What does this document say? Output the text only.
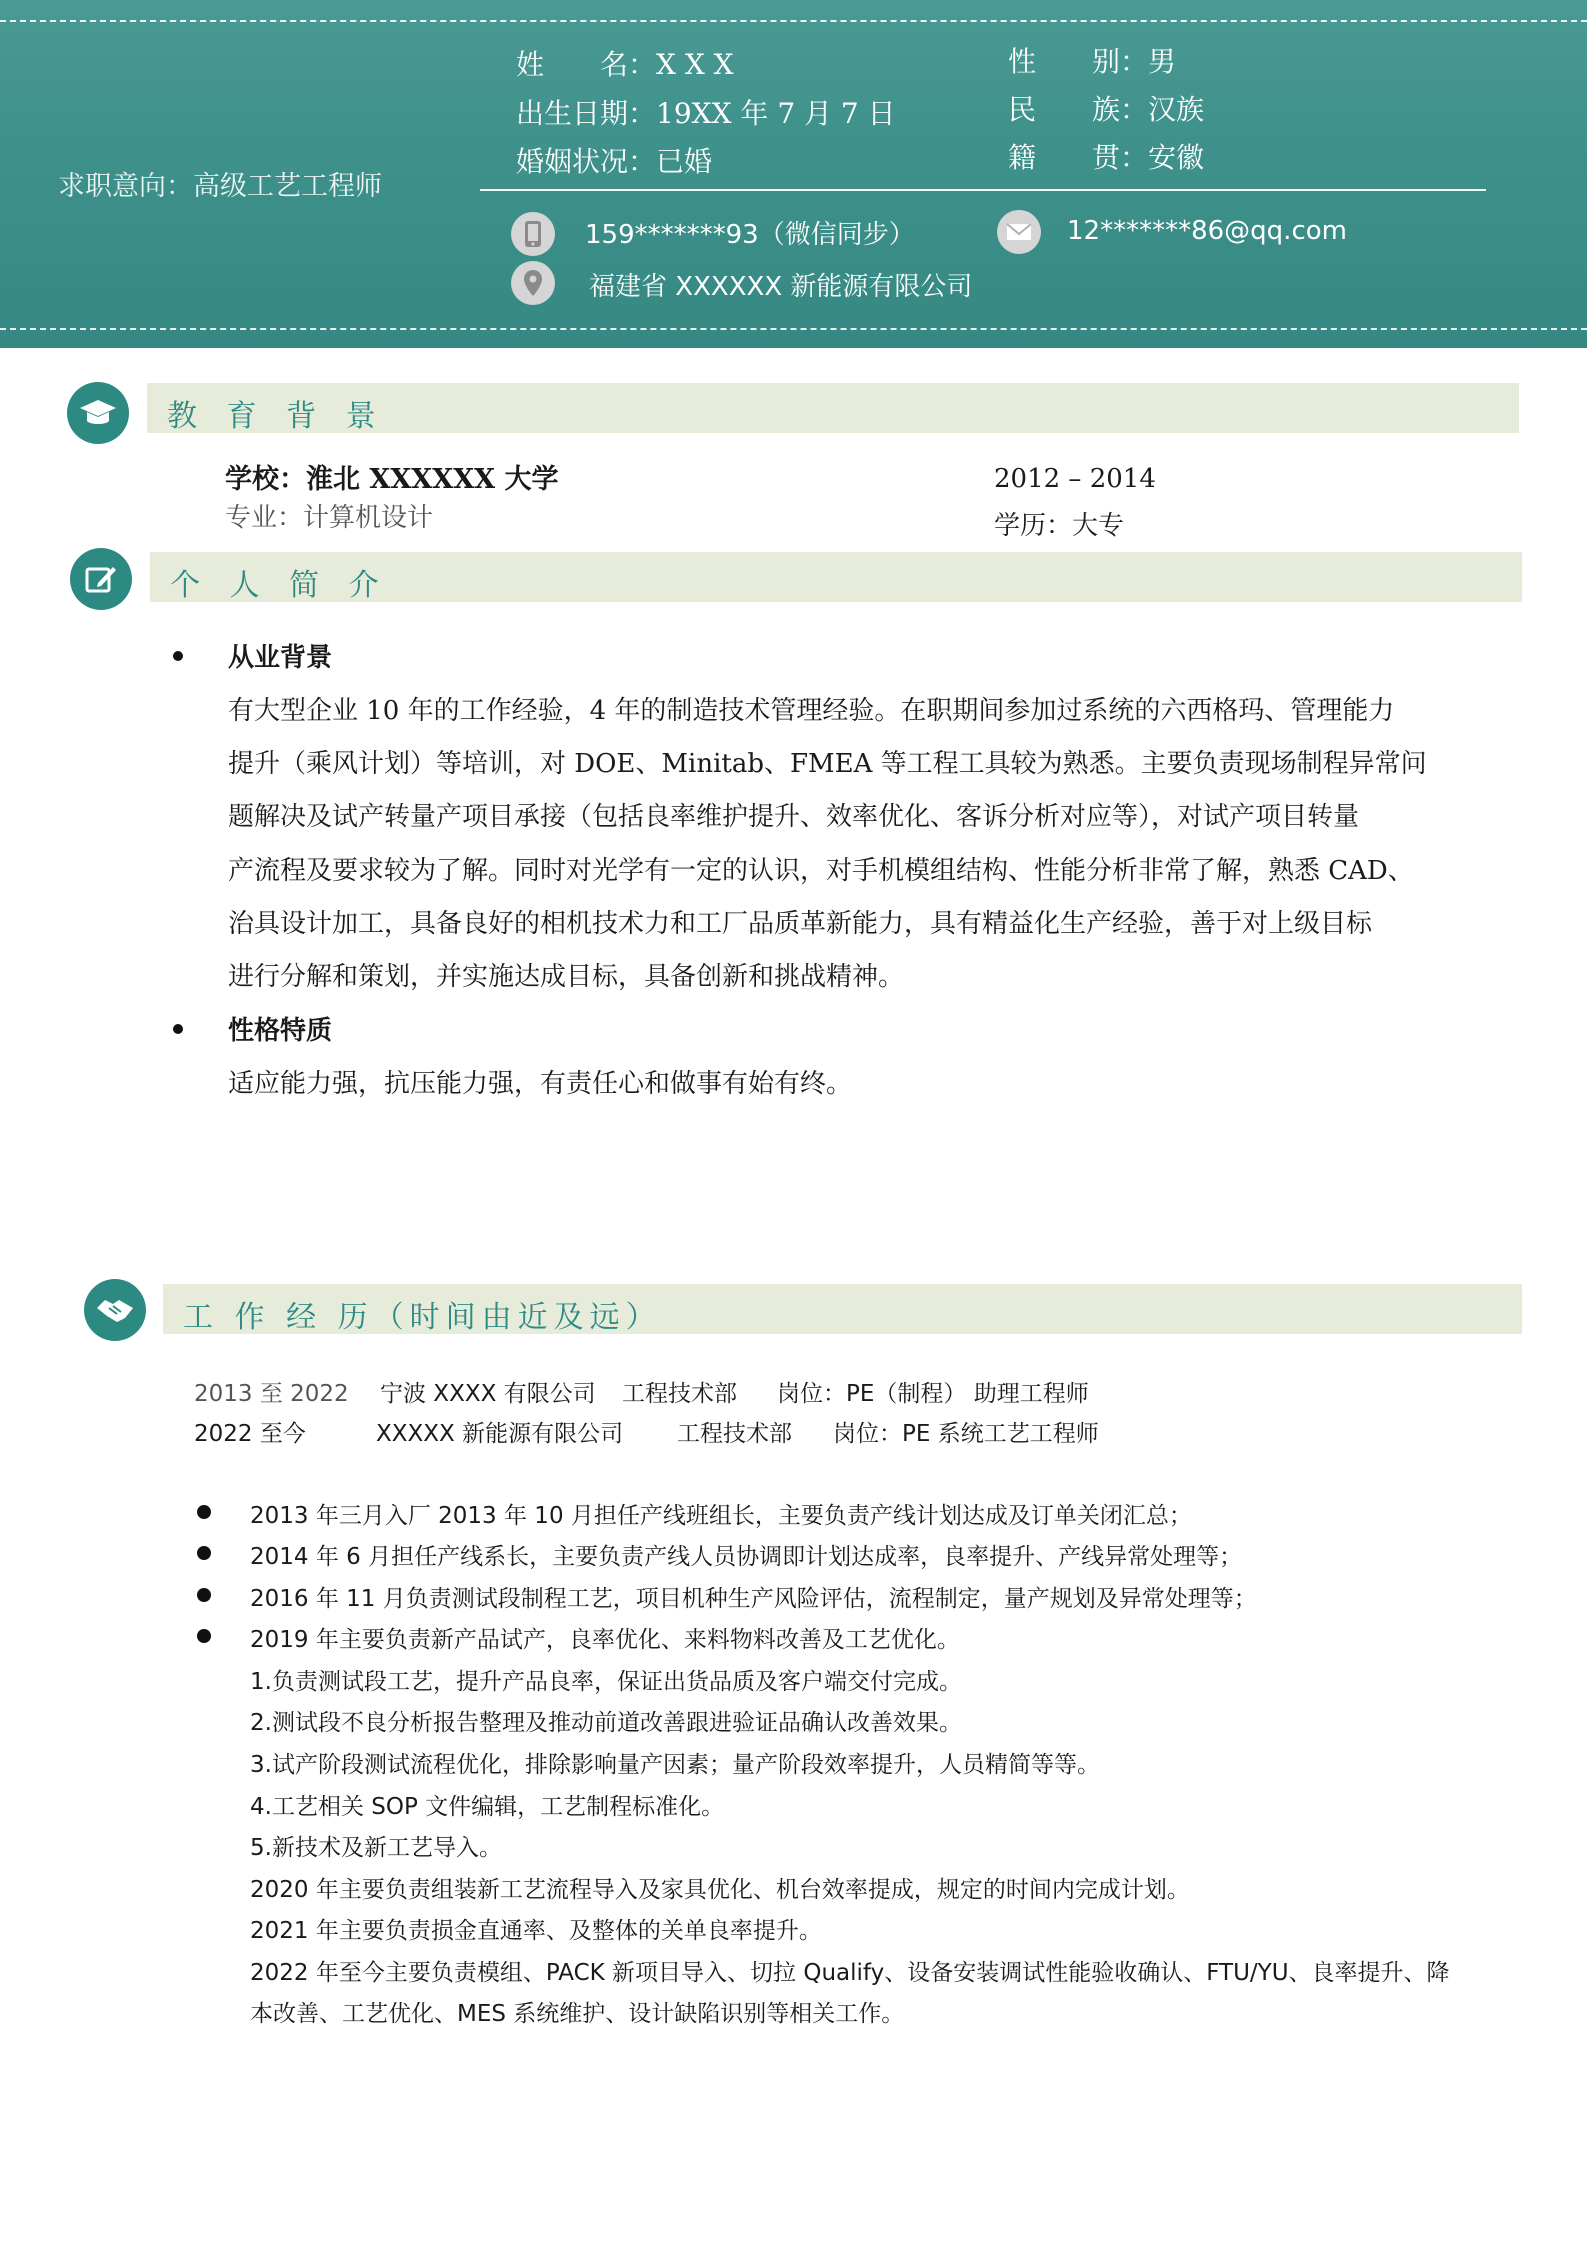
求职意向：高级工艺工程师
姓　　名：X X X
出生日期：19XX 年 7 月 7 日
婚姻状况：已婚
性　　别：男
民　　族：汉族
籍　　贯：安徽
159*******93（微信同步）	12*******86@qq.com
福建省 XXXXXX 新能源有限公司
教 育 背 景
学校：淮北 XXXXXX 大学
专业：计算机设计
2012 – 2014
学历：大专
个 人 简 介
从业背景
有大型企业 10 年的工作经验，4 年的制造技术管理经验。在职期间参加过系统的六西格玛、管理能力
提升（乘风计划）等培训，对 DOE、Minitab、FMEA 等工程工具较为熟悉。主要负责现场制程异常问
题解决及试产转量产项目承接（包括良率维护提升、效率优化、客诉分析对应等），对试产项目转量
产流程及要求较为了解。同时对光学有一定的认识，对手机模组结构、性能分析非常了解，熟悉 CAD、
治具设计加工，具备良好的相机技术力和工厂品质革新能力，具有精益化生产经验，善于对上级目标
进行分解和策划，并实施达成目标，具备创新和挑战精神。
性格特质
适应能力强，抗压能力强，有责任心和做事有始有终。
工 作 经 历（时间由近及远）
2013 至 2022 宁波 XXXX 有限公司 工程技术部 岗位：PE（制程） 助理工程师
2022 至今	XXXXX 新能源有限公司 工程技术部 岗位：PE 系统工艺工程师
2013 年三月入厂 2013 年 10 月担任产线班组长，主要负责产线计划达成及订单关闭汇总；
2014 年 6 月担任产线系长，主要负责产线人员协调即计划达成率，良率提升、产线异常处理等；
2016 年 11 月负责测试段制程工艺，项目机种生产风险评估，流程制定，量产规划及异常处理等；
2019 年主要负责新产品试产，良率优化、来料物料改善及工艺优化。
1.负责测试段工艺，提升产品良率，保证出货品质及客户端交付完成。
2.测试段不良分析报告整理及推动前道改善跟进验证品确认改善效果。
3.试产阶段测试流程优化，排除影响量产因素；量产阶段效率提升，人员精简等等。
4.工艺相关 SOP 文件编辑，工艺制程标准化。
5.新技术及新工艺导入。
2020 年主要负责组装新工艺流程导入及家具优化、机台效率提成，规定的时间内完成计划。
2021 年主要负责损金直通率、及整体的关单良率提升。
2022 年至今主要负责模组、PACK 新项目导入、切拉 Qualify、设备安装调试性能验收确认、FTU/YU、良率提升、降
本改善、工艺优化、MES 系统维护、设计缺陷识别等相关工作。
